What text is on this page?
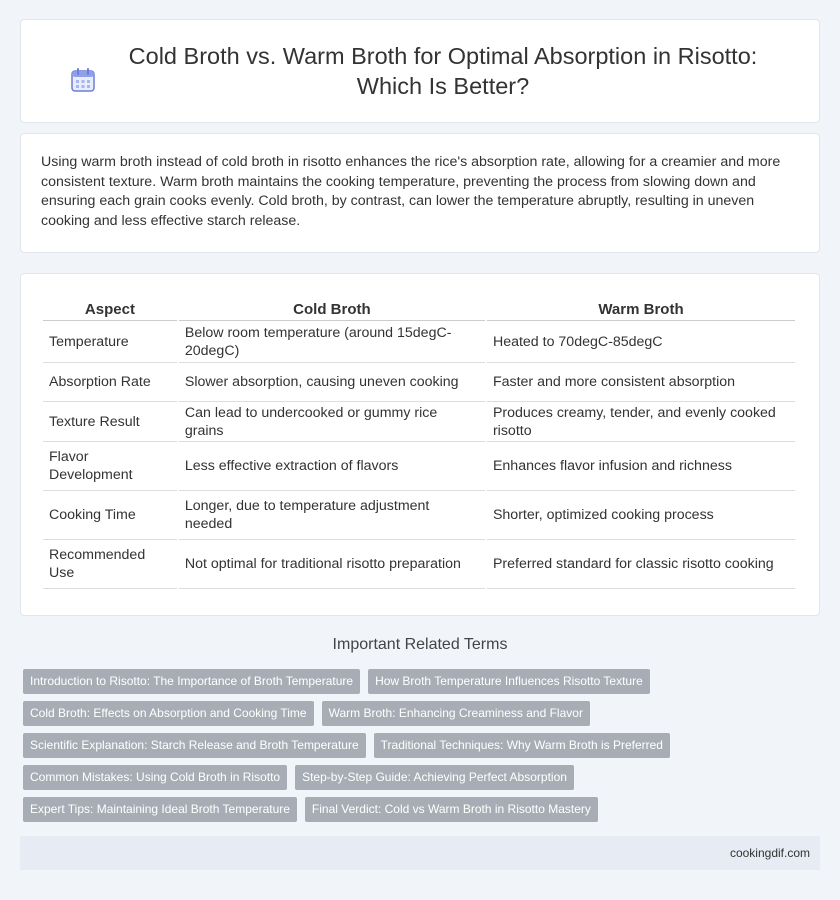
Cold Broth vs. Warm Broth for Optimal Absorption in Risotto: Which Is Better?

Using warm broth instead of cold broth in risotto enhances the rice's absorption rate, allowing for a creamier and more consistent texture. Warm broth maintains the cooking temperature, preventing the process from slowing down and ensuring each grain cooks evenly. Cold broth, by contrast, can lower the temperature abruptly, resulting in uneven cooking and less effective starch release.

Aspect	Cold Broth	Warm Broth
Temperature	Below room temperature (around 15degC-20degC)	Heated to 70degC-85degC
Absorption Rate	Slower absorption, causing uneven cooking	Faster and more consistent absorption
Texture Result	Can lead to undercooked or gummy rice grains	Produces creamy, tender, and evenly cooked risotto
Flavor Development	Less effective extraction of flavors	Enhances flavor infusion and richness
Cooking Time	Longer, due to temperature adjustment needed	Shorter, optimized cooking process
Recommended Use	Not optimal for traditional risotto preparation	Preferred standard for classic risotto cooking
Important Related Terms
Introduction to Risotto: The Importance of Broth Temperature	How Broth Temperature Influences Risotto Texture
Cold Broth: Effects on Absorption and Cooking Time	Warm Broth: Enhancing Creaminess and Flavor
Scientific Explanation: Starch Release and Broth Temperature	Traditional Techniques: Why Warm Broth is Preferred
Common Mistakes: Using Cold Broth in Risotto	Step-by-Step Guide: Achieving Perfect Absorption
Expert Tips: Maintaining Ideal Broth Temperature	Final Verdict: Cold vs Warm Broth in Risotto Mastery
cookingdif.com
